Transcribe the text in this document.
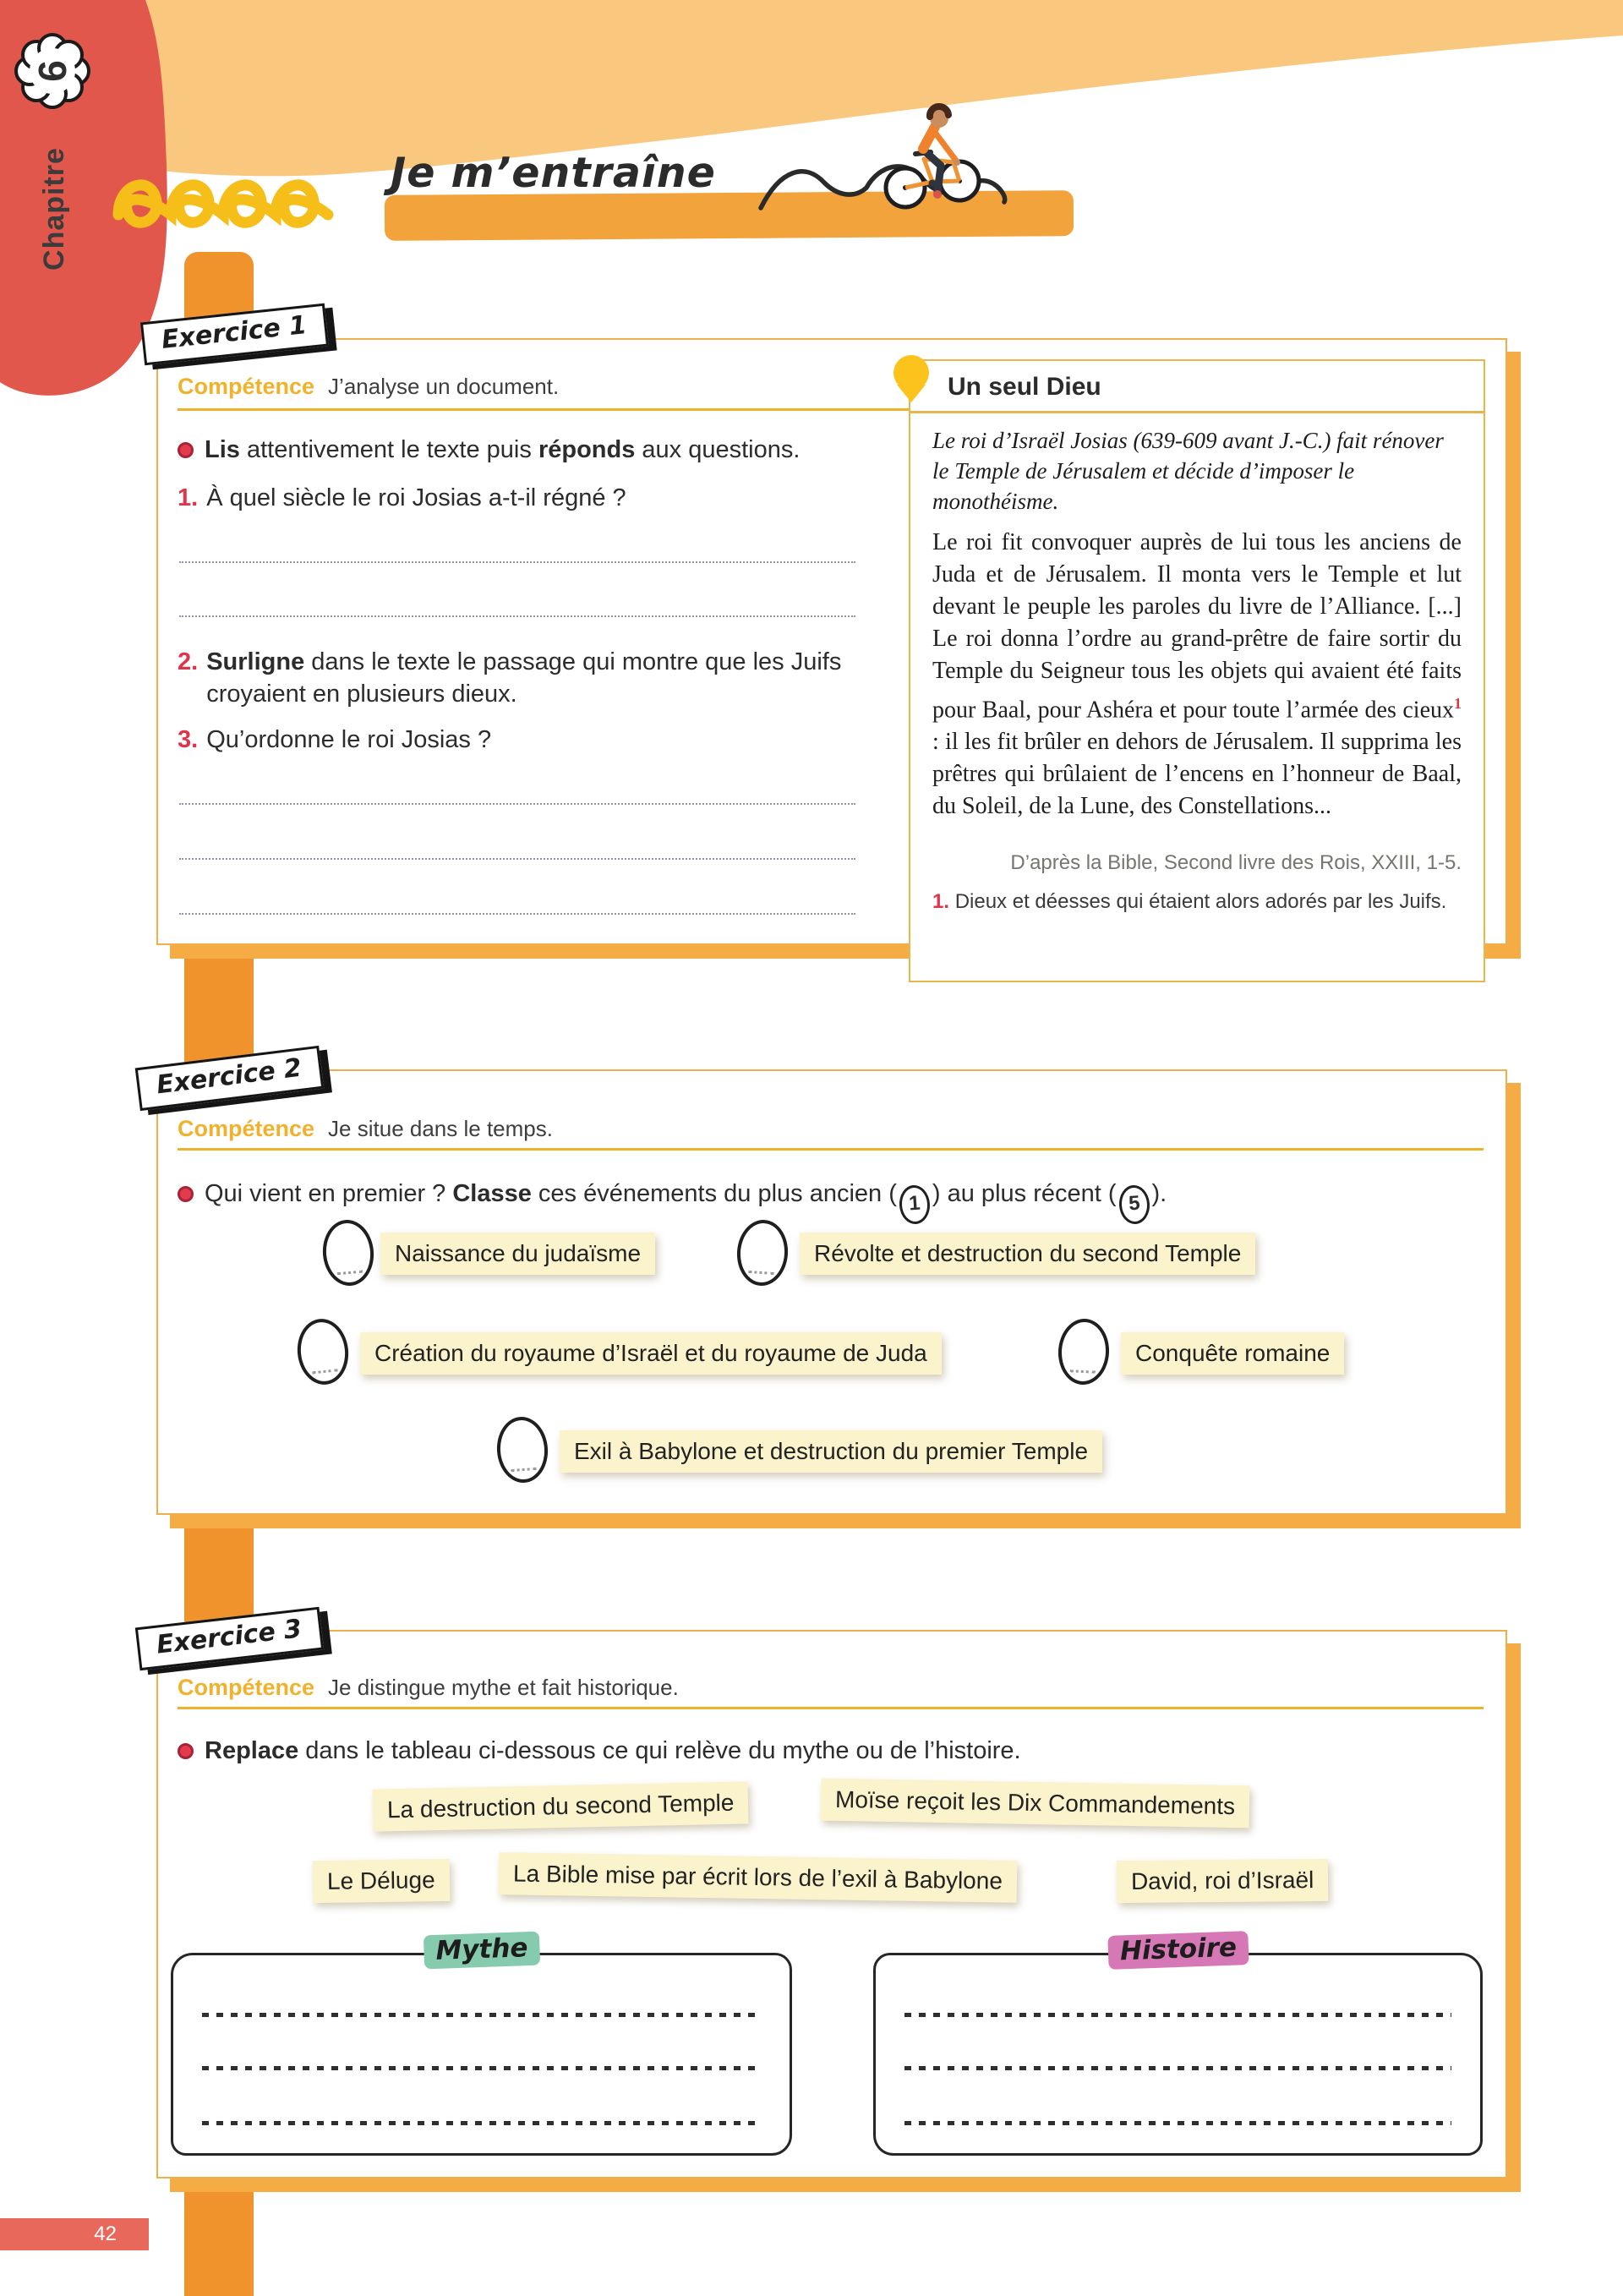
Chapitre
6
Je m’entraîne
Exercice 1
Compétence J’analyse un document.
Lis attentivement le texte puis réponds aux questions.
1. À quel siècle le roi Josias a-t-il régné ?
2. Surligne dans le texte le passage qui montre que les Juifs croyaient en plusieurs dieux.
3. Qu’ordonne le roi Josias ?
Un seul Dieu
Le roi d’Israël Josias (639-609 avant J.-C.) fait rénover le Temple de Jérusalem et décide d’imposer le monothéisme.
Le roi fit convoquer auprès de lui tous les anciens de Juda et de Jérusalem. Il monta vers le Temple et lut devant le peuple les paroles du livre de l’Alliance. [...] Le roi donna l’ordre au grand-prêtre de faire sortir du Temple du Seigneur tous les objets qui avaient été faits pour Baal, pour Ashéra et pour toute l’armée des cieux$^1$ : il les fit brûler en dehors de Jérusalem. Il supprima les prêtres qui brûlaient de l’encens en l’honneur de Baal, du Soleil, de la Lune, des Constellations...
D’après la Bible, Second livre des Rois, XXIII, 1-5.
1. Dieux et déesses qui étaient alors adorés par les Juifs.
Exercice 2
Compétence Je situe dans le temps.
Qui vient en premier ? Classe ces événements du plus ancien ( 1 ) au plus récent ( 5 ).
Naissance du judaïsme	Révolte et destruction du second Temple
Création du royaume d’Israël et du royaume de Juda	Conquête romaine
Exil à Babylone et destruction du premier Temple
Exercice 3
Compétence Je distingue mythe et fait historique.
Replace dans le tableau ci-dessous ce qui relève du mythe ou de l’histoire.
La destruction du second Temple	Moïse reçoit les Dix Commandements
Le Déluge	La Bible mise par écrit lors de l’exil à Babylone	David, roi d’Israël
Mythe	Histoire
42
